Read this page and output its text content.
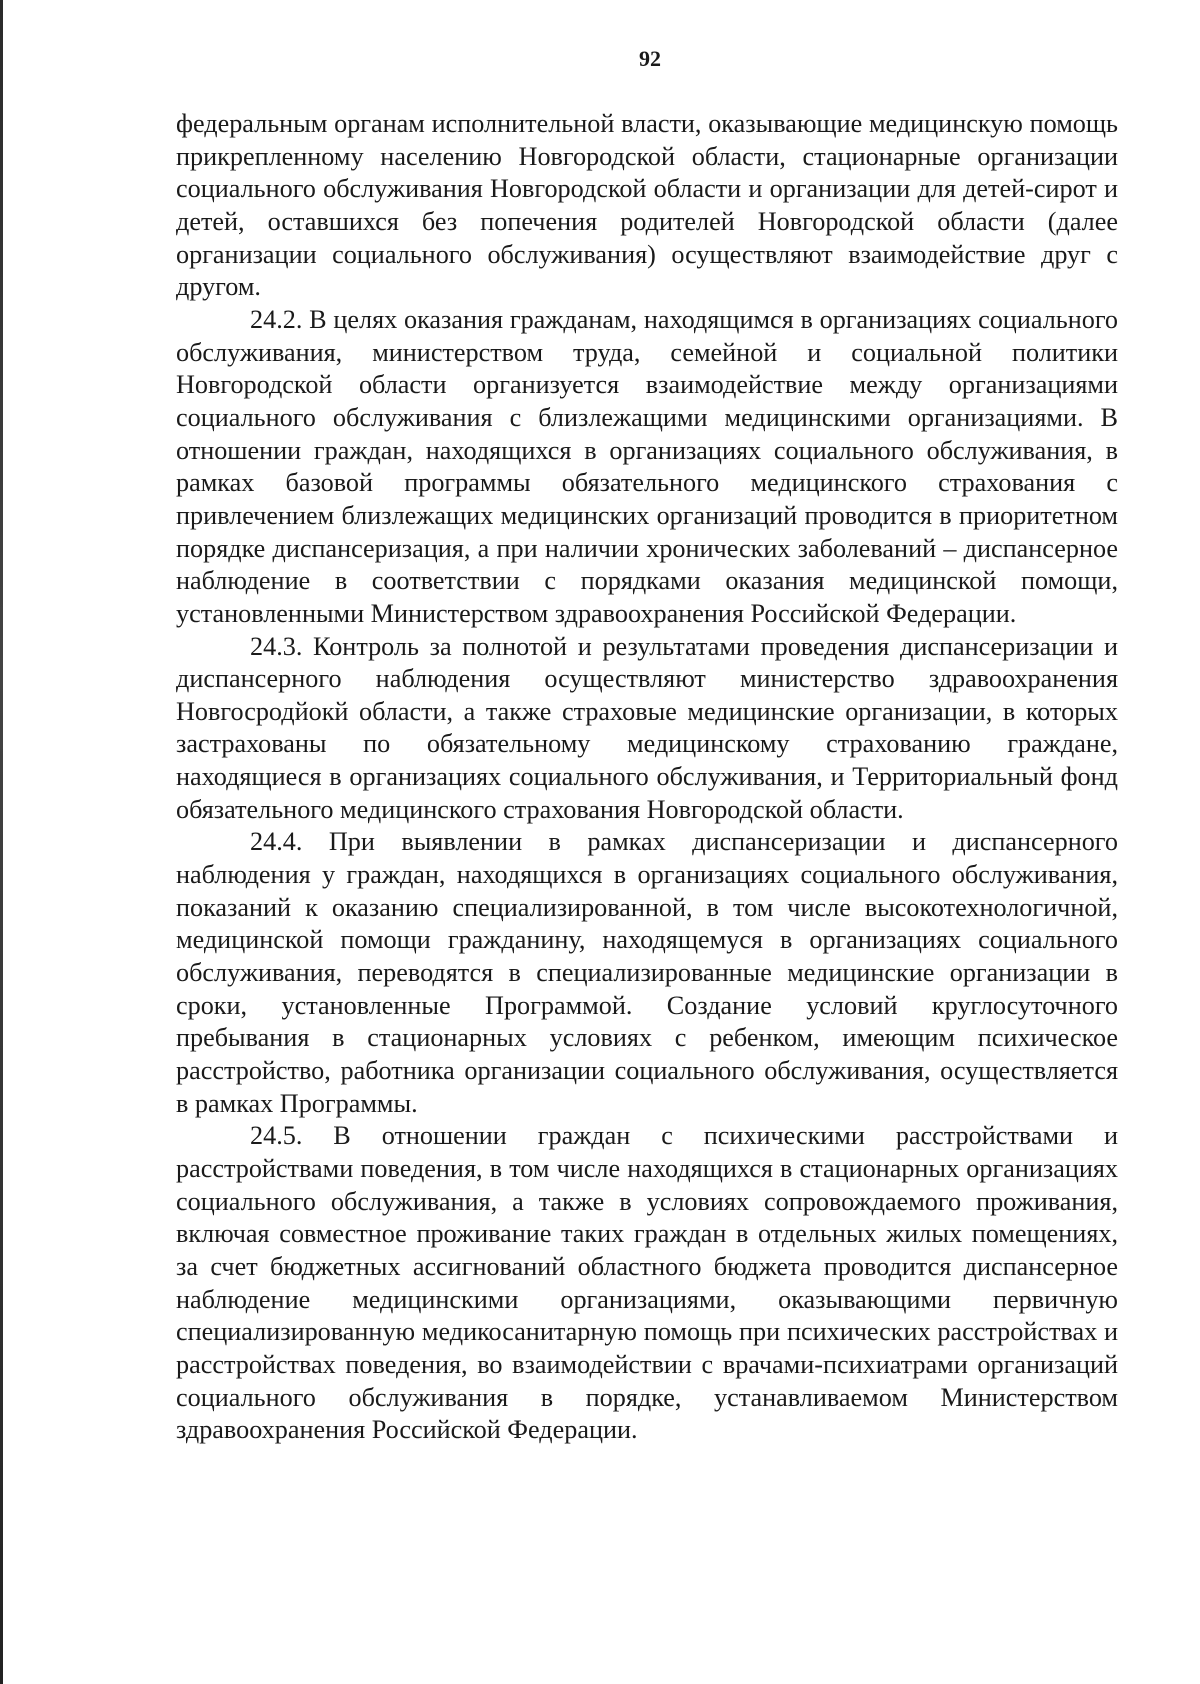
92

федеральным органам исполнительной власти, оказывающие медицинскую помощь прикрепленному населению Новгородской области, стационарные организации социального обслуживания Новгородской области и организации для детей-сирот и детей, оставшихся без попечения родителей Новгородской области (далее организации социального обслуживания) осуществляют взаимодействие друг с другом.

24.2. В целях оказания гражданам, находящимся в организациях социального обслуживания, министерством труда, семейной и социальной политики Новгородской области организуется взаимодействие между организациями социального обслуживания с близлежащими медицинскими организациями. В отношении граждан, находящихся в организациях социального обслуживания, в рамках базовой программы обязательного медицинского страхования с привлечением близлежащих медицинских организаций проводится в приоритетном порядке диспансеризация, а при наличии хронических заболеваний – диспансерное наблюдение в соответствии с порядками оказания медицинской помощи, установленными Министерством здравоохранения Российской Федерации.

24.3. Контроль за полнотой и результатами проведения диспансеризации и диспансерного наблюдения осуществляют министерство здравоохранения Новгосродйокй области, а также страховые медицинские организации, в которых застрахованы по обязательному медицинскому страхованию граждане, находящиеся в организациях социального обслуживания, и Территориальный фонд обязательного медицинского страхования Новгородской области.

24.4. При выявлении в рамках диспансеризации и диспансерного наблюдения у граждан, находящихся в организациях социального обслуживания, показаний к оказанию специализированной, в том числе высокотехнологичной, медицинской помощи гражданину, находящемуся в организациях социального обслуживания, переводятся в специализированные медицинские организации в сроки, установленные Программой. Создание условий круглосуточного пребывания в стационарных условиях с ребенком, имеющим психическое расстройство, работника организации социального обслуживания, осуществляется в рамках Программы.

24.5. В отношении граждан с психическими расстройствами и расстройствами поведения, в том числе находящихся в стационарных организациях социального обслуживания, а также в условиях сопровождаемого проживания, включая совместное проживание таких граждан в отдельных жилых помещениях, за счет бюджетных ассигнований областного бюджета проводится диспансерное наблюдение медицинскими организациями, оказывающими первичную специализированную медикосанитарную помощь при психических расстройствах и расстройствах поведения, во взаимодействии с врачами-психиатрами организаций социального обслуживания в порядке, устанавливаемом Министерством здравоохранения Российской Федерации.
